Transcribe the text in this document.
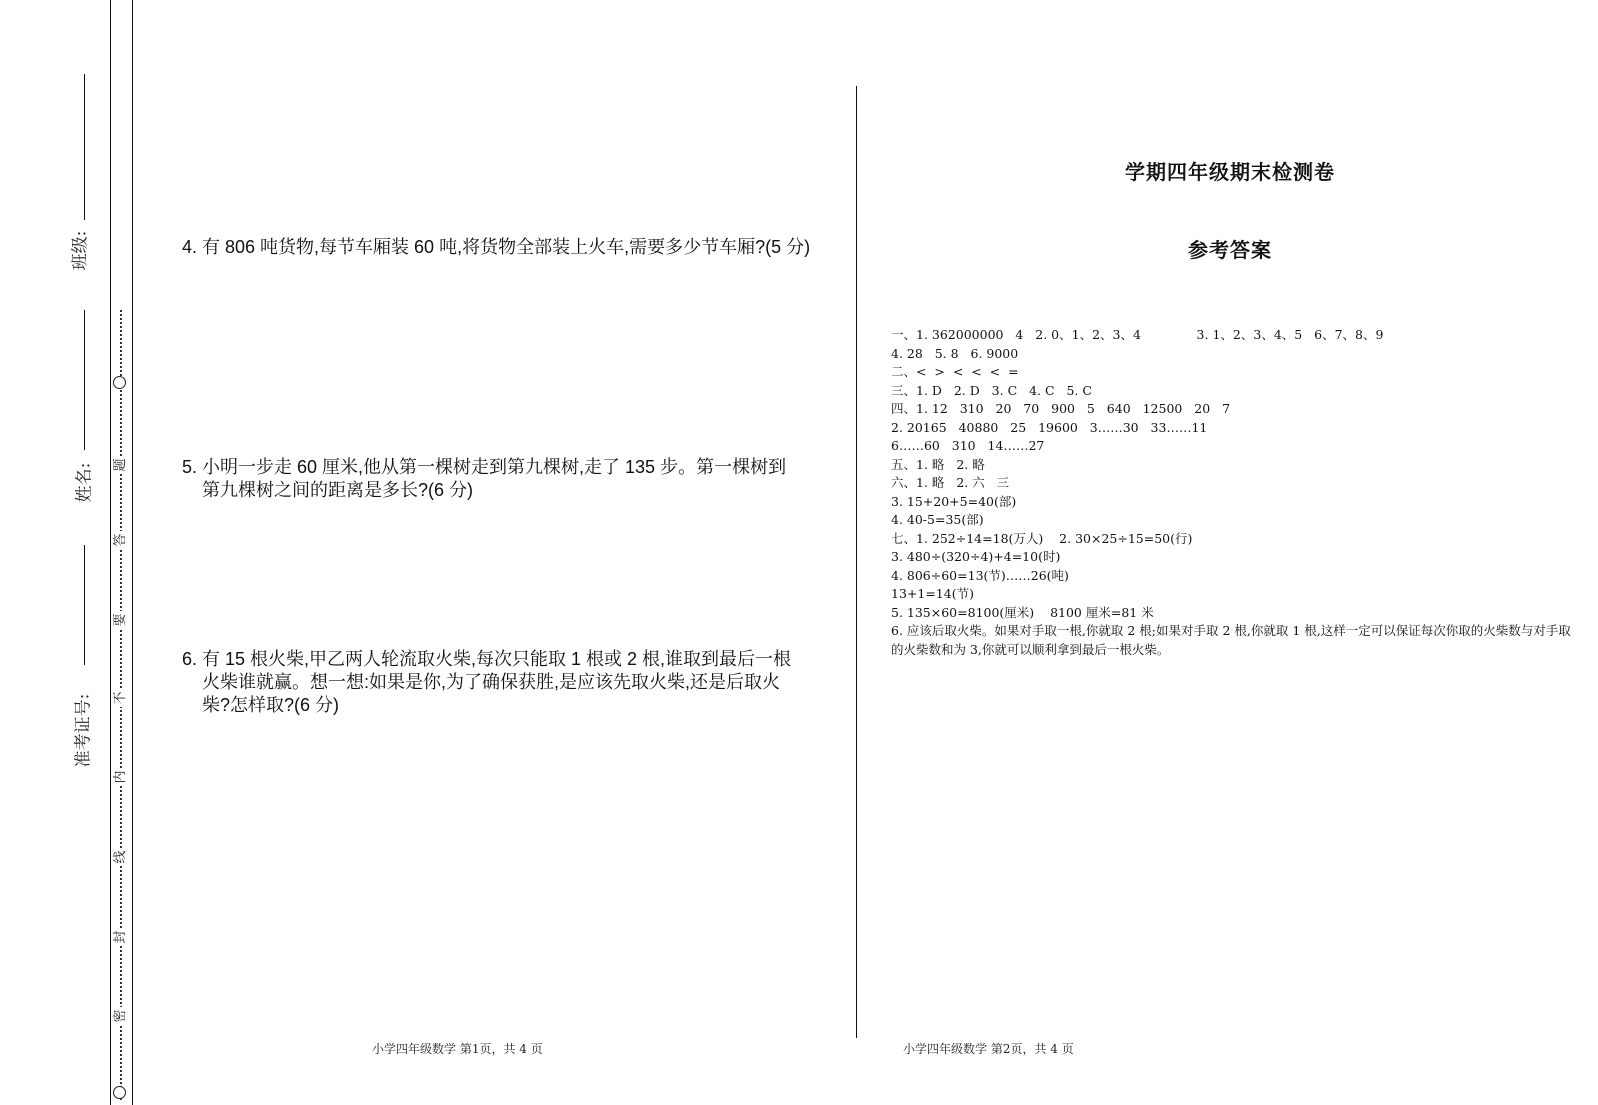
班级:
姓名:
准考证号:
题
答
要
不
内
线
封
密
4. 有 806 吨货物,每节车厢装 60 吨,将货物全部装上火车,需要多少节车厢?(5 分)
5. 小明一步走 60 厘米,他从第一棵树走到第九棵树,走了 135 步。第一棵树到第九棵树之间的距离是多长?(6 分)
6. 有 15 根火柴,甲乙两人轮流取火柴,每次只能取 1 根或 2 根,谁取到最后一根火柴谁就赢。想一想:如果是你,为了确保获胜,是应该先取火柴,还是后取火柴?怎样取?(6 分)
小学四年级数学 第1页，共 4 页
学期四年级期末检测卷
参考答案
一、1. 362000000   4   2. 0、1、2、3、4              3. 1、2、3、4、5   6、7、8、9
4. 28   5. 8   6. 9000
二、<  >  <  <  <  =
三、1. D   2. D   3. C   4. C   5. C
四、1. 12   310   20   70   900   5   640   12500   20   7
2. 20165   40880   25   19600   3……30   33……11
6……60   310   14……27
五、1. 略   2. 略
六、1. 略   2. 六   三
3. 15+20+5=40(部)
4. 40-5=35(部)
七、1. 252÷14=18(万人)    2. 30×25÷15=50(行)
3. 480÷(320÷4)+4=10(时)
4. 806÷60=13(节)……26(吨)
13+1=14(节)
5. 135×60=8100(厘米)    8100 厘米=81 米
6. 应该后取火柴。如果对手取一根,你就取 2 根;如果对手取 2 根,你就取 1 根,这样一定可以保证每次你取的火柴数与对手取的火柴数和为 3,你就可以顺利拿到最后一根火柴。
小学四年级数学 第2页，共 4 页
